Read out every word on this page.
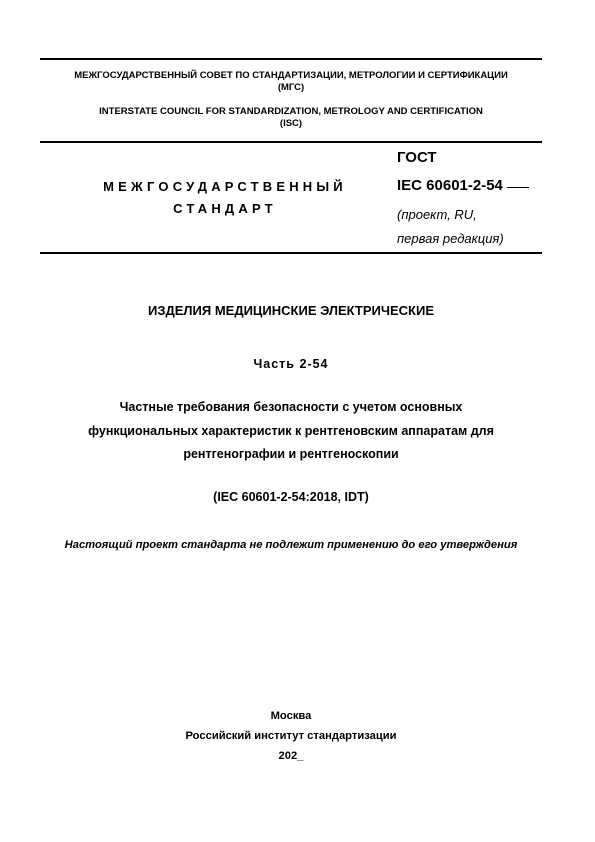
МЕЖГОСУДАРСТВЕННЫЙ СОВЕТ ПО СТАНДАРТИЗАЦИИ, МЕТРОЛОГИИ И СЕРТИФИКАЦИИ
(МГС)
INTERSTATE COUNCIL FOR STANDARDIZATION, METROLOGY AND CERTIFICATION
(ISC)
МЕЖГОСУДАРСТВЕННЫЙ
СТАНДАРТ
ГОСТ
IEC 60601-2-54
(проект, RU,
первая редакция)
ИЗДЕЛИЯ МЕДИЦИНСКИЕ ЭЛЕКТРИЧЕСКИЕ
Часть 2-54
Частные требования безопасности с учетом основных
функциональных характеристик к рентгеновским аппаратам для
рентгенографии и рентгеноскопии
(IEC 60601-2-54:2018, IDT)
Настоящий проект стандарта не подлежит применению до его утверждения
Москва
Российский институт стандартизации
202_
